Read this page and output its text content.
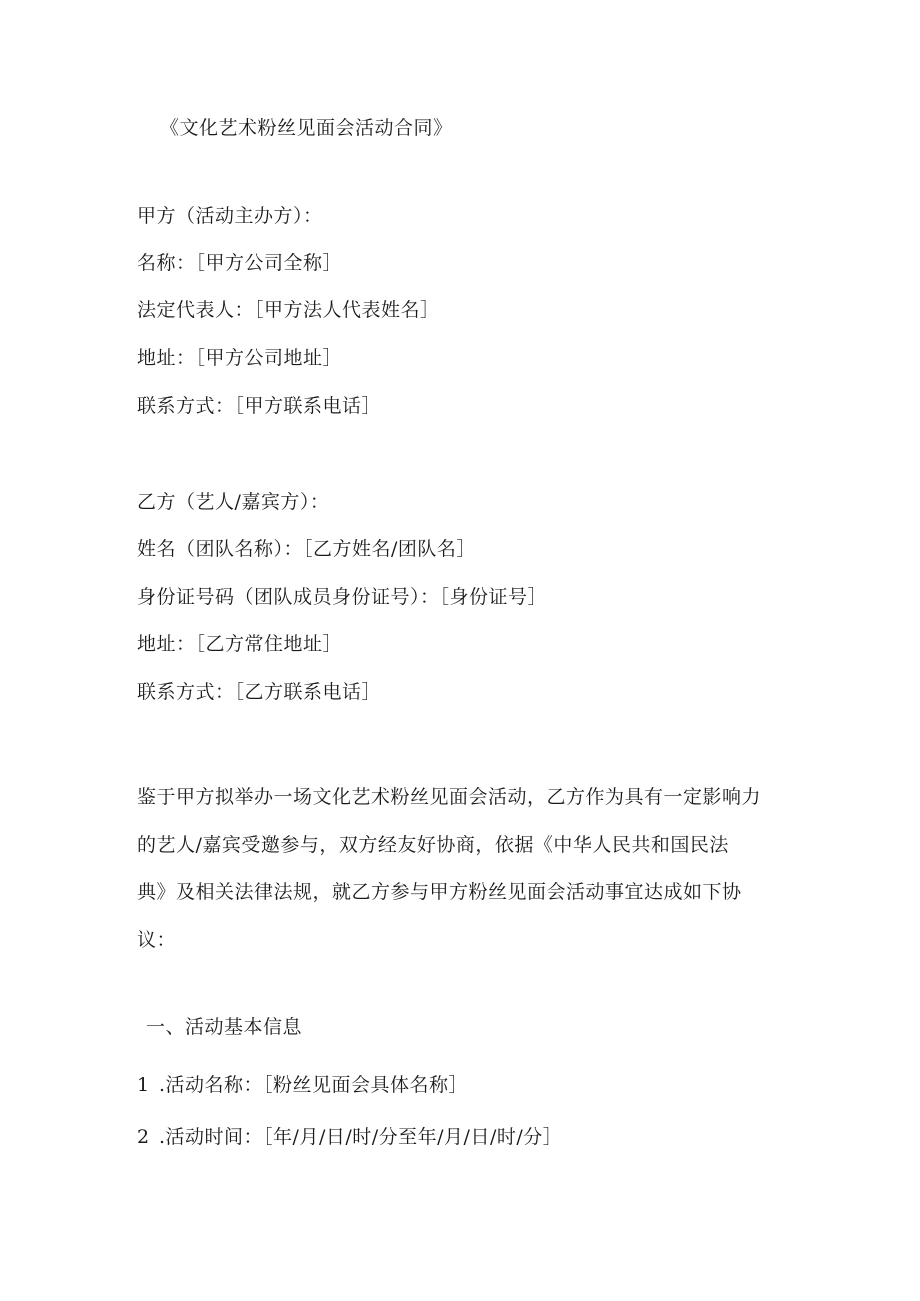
《文化艺术粉丝见面会活动合同》
甲方（活动主办方）：
名称：［甲方公司全称］
法定代表人：［甲方法人代表姓名］
地址：［甲方公司地址］
联系方式：［甲方联系电话］
乙方（艺人/嘉宾方）：
姓名（团队名称）：［乙方姓名/团队名］
身份证号码（团队成员身份证号）：［身份证号］
地址：［乙方常住地址］
联系方式：［乙方联系电话］
鉴于甲方拟举办一场文化艺术粉丝见面会活动，乙方作为具有一定影响力
的艺人/嘉宾受邀参与，双方经友好协商，依据《中华人民共和国民法
典》及相关法律法规，就乙方参与甲方粉丝见面会活动事宜达成如下协
议：
一、活动基本信息
1 .活动名称：［粉丝见面会具体名称］
2 .活动时间：［年/月/日/时/分至年/月/日/时/分］
